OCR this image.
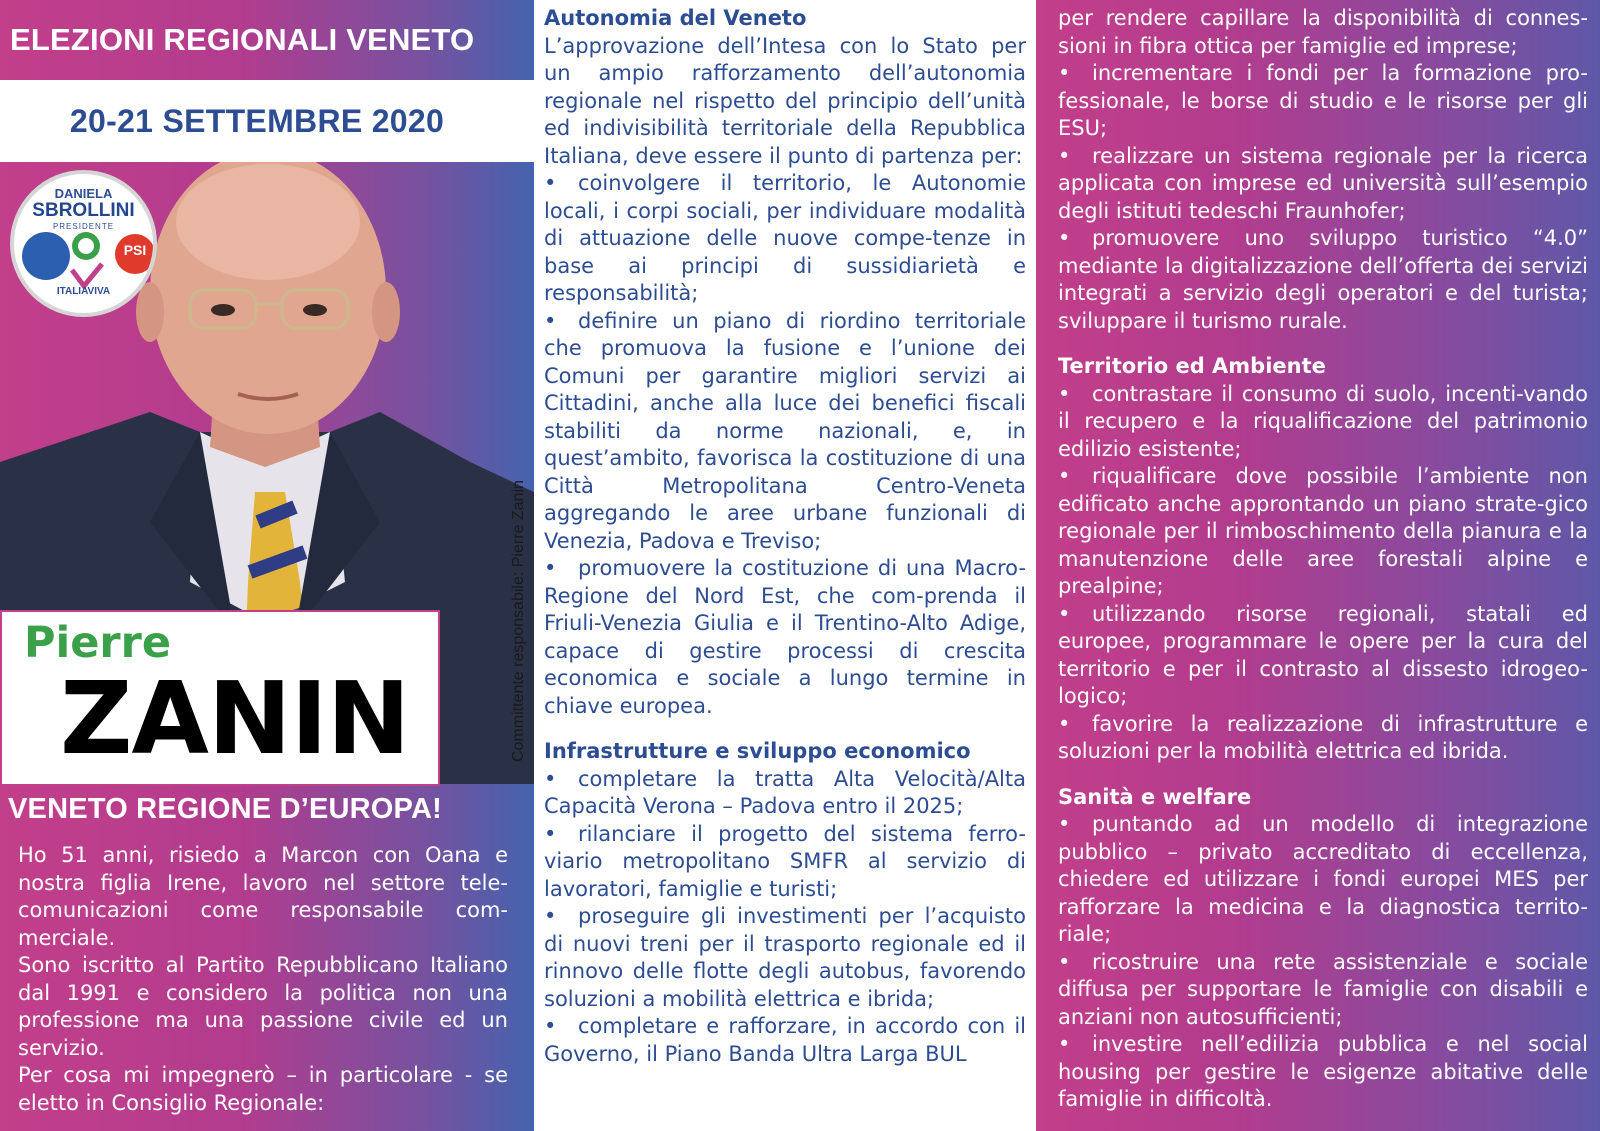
ELEZIONI REGIONALI VENETO
20-21 SETTEMBRE 2020
DANIELA
SBROLLINI
PRESIDENTE
PSI
ITALIAVIVA
Committente responsabile: Pierre Zanin
Pierre
ZANIN
VENETO REGIONE D’EUROPA!

Ho 51 anni, risiedo a Marcon con Oana e nostra figlia Irene, lavoro nel settore tele-comunicazioni come responsabile com-merciale.

Sono iscritto al Partito Repubblicano Italiano dal 1991 e considero la politica non una professione ma una passione civile ed un servizio.

Per cosa mi impegnerò – in particolare - se eletto in Consiglio Regionale:

Autonomia del Veneto

L’approvazione dell’Intesa con lo Stato per un ampio rafforzamento dell’autonomia regionale nel rispetto del principio dell’unità ed indivisibilità territoriale della Repubblica Italiana, deve essere il punto di partenza per:

• coinvolgere il territorio, le Autonomie locali, i corpi sociali, per individuare modalità di attuazione delle nuove compe-tenze in base ai principi di sussidiarietà e responsabilità;

• definire un piano di riordino territoriale che promuova la fusione e l’unione dei Comuni per garantire migliori servizi ai Cittadini, anche alla luce dei benefici fiscali stabiliti da norme nazionali, e, in quest’ambito, favorisca la costituzione di una Città Metropolitana Centro-Veneta aggregando le aree urbane funzionali di Venezia, Padova e Treviso;

• promuovere la costituzione di una Macro-Regione del Nord Est, che com-prenda il Friuli-Venezia Giulia e il Trentino-Alto Adige, capace di gestire processi di crescita economica e sociale a lungo termine in chiave europea.

Infrastrutture e sviluppo economico

• completare la tratta Alta Velocità/Alta Capacità Verona – Padova entro il 2025;

• rilanciare il progetto del sistema ferro-viario metropolitano SMFR al servizio di lavoratori, famiglie e turisti;

• proseguire gli investimenti per l’acquisto di nuovi treni per il trasporto regionale ed il rinnovo delle flotte degli autobus, favorendo soluzioni a mobilità elettrica e ibrida;

• completare e rafforzare, in accordo con il Governo, il Piano Banda Ultra Larga BUL

per rendere capillare la disponibilità di connes-sioni in fibra ottica per famiglie ed imprese;

• incrementare i fondi per la formazione pro-fessionale, le borse di studio e le risorse per gli ESU;

• realizzare un sistema regionale per la ricerca applicata con imprese ed università sull’esempio degli istituti tedeschi Fraunhofer;

• promuovere uno sviluppo turistico “4.0” mediante la digitalizzazione dell’offerta dei servizi integrati a servizio degli operatori e del turista; sviluppare il turismo rurale.

Territorio ed Ambiente

• contrastare il consumo di suolo, incenti-vando il recupero e la riqualificazione del patrimonio edilizio esistente;

• riqualificare dove possibile l’ambiente non edificato anche approntando un piano strate-gico regionale per il rimboschimento della pianura e la manutenzione delle aree forestali alpine e prealpine;

• utilizzando risorse regionali, statali ed europee, programmare le opere per la cura del territorio e per il contrasto al dissesto idrogeo-logico;

• favorire la realizzazione di infrastrutture e soluzioni per la mobilità elettrica ed ibrida.

Sanità e welfare

• puntando ad un modello di integrazione pubblico – privato accreditato di eccellenza, chiedere ed utilizzare i fondi europei MES per rafforzare la medicina e la diagnostica territo-riale;

• ricostruire una rete assistenziale e sociale diffusa per supportare le famiglie con disabili e anziani non autosufficienti;

• investire nell’edilizia pubblica e nel social housing per gestire le esigenze abitative delle famiglie in difficoltà.
